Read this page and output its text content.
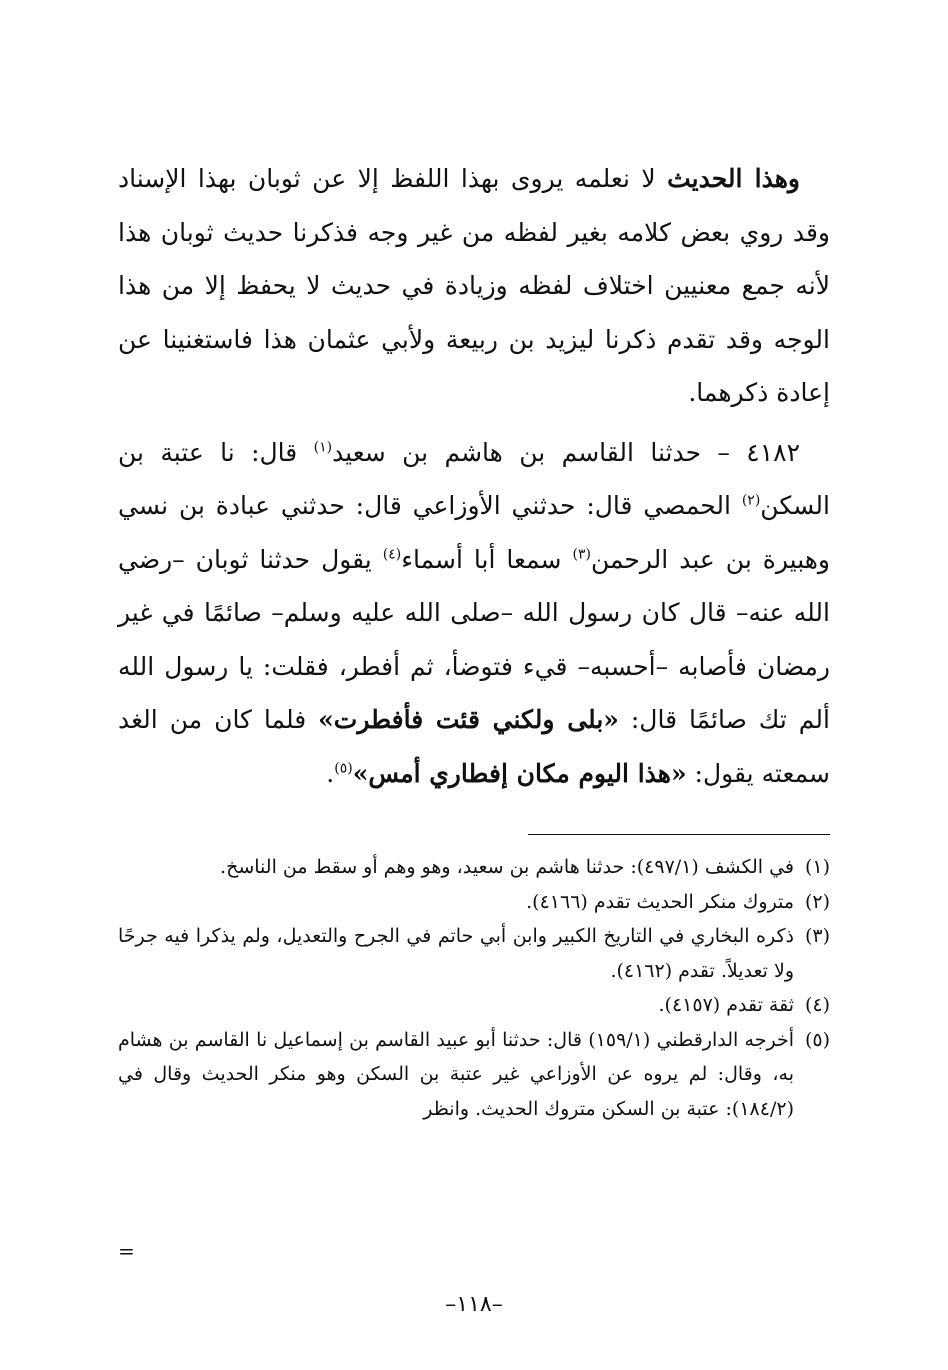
وهذا الحديث لا نعلمه يروى بهذا اللفظ إلا عن ثوبان بهذا الإسناد وقد روي بعض كلامه بغير لفظه من غير وجه فذكرنا حديث ثوبان هذا لأنه جمع معنيين اختلاف لفظه وزيادة في حديث لا يحفظ إلا من هذا الوجه وقد تقدم ذكرنا ليزيد بن ربيعة ولأبي عثمان هذا فاستغنينا عن إعادة ذكرهما.

٤١٨٢ – حدثنا القاسم بن هاشم بن سعيد$^{(١)}$ قال: نا عتبة بن السكن$^{(٢)}$ الحمصي قال: حدثني الأوزاعي قال: حدثني عبادة بن نسي وهبيرة بن عبد الرحمن$^{(٣)}$ سمعا أبا أسماء$^{(٤)}$ يقول حدثنا ثوبان –رضي الله عنه– قال كان رسول الله –صلى الله عليه وسلم– صائمًا في غير رمضان فأصابه –أحسبه– قيء فتوضأ، ثم أفطر، فقلت: يا رسول الله ألم تك صائمًا قال: «بلى ولكني قئت فأفطرت» فلما كان من الغد سمعته يقول: «هذا اليوم مكان إفطاري أمس»$^{(٥)}$.

(١)في الكشف (٤٩٧/١): حدثنا هاشم بن سعيد، وهو وهم أو سقط من الناسخ.
(٢)متروك منكر الحديث تقدم (٤١٦٦).
(٣)ذكره البخاري في التاريخ الكبير وابن أبي حاتم في الجرح والتعديل، ولم يذكرا فيه جرحًا ولا تعديلاً. تقدم (٤١٦٢).
(٤)ثقة تقدم (٤١٥٧).
(٥)أخرجه الدارقطني (١٥٩/١) قال: حدثنا أبو عبيد القاسم بن إسماعيل نا القاسم بن هشام به، وقال: لم يروه عن الأوزاعي غير عتبة بن السكن وهو منكر الحديث وقال في (١٨٤/٢): عتبة بن السكن متروك الحديث. وانظر
=
–١١٨–
